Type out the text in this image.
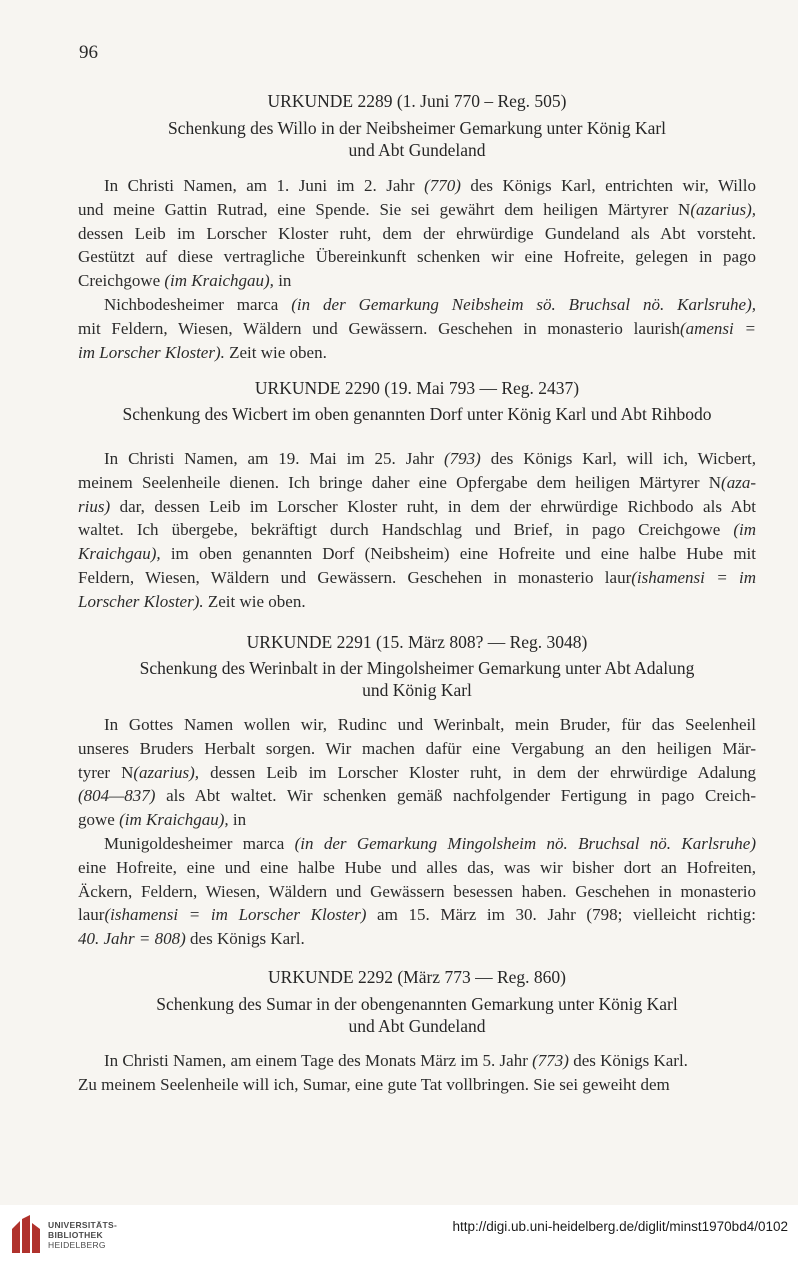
96
URKUNDE 2289 (1. Juni 770 – Reg. 505)
Schenkung des Willo in der Neibsheimer Gemarkung unter König Karl
und Abt Gundeland
In Christi Namen, am 1. Juni im 2. Jahr (770) des Königs Karl, entrichten wir, Willo
und meine Gattin Rutrad, eine Spende. Sie sei gewährt dem heiligen Märtyrer N(azarius),
dessen Leib im Lorscher Kloster ruht, dem der ehrwürdige Gundeland als Abt vorsteht.
Gestützt auf diese vertragliche Übereinkunft schenken wir eine Hofreite, gelegen in pago
Creichgowe (im Kraichgau), in
Nichbodesheimer marca (in der Gemarkung Neibsheim sö. Bruchsal nö. Karlsruhe),
mit Feldern, Wiesen, Wäldern und Gewässern. Geschehen in monasterio laurish(amensi =
im Lorscher Kloster). Zeit wie oben.
URKUNDE 2290 (19. Mai 793 — Reg. 2437)
Schenkung des Wicbert im oben genannten Dorf unter König Karl und Abt Rihbodo
In Christi Namen, am 19. Mai im 25. Jahr (793) des Königs Karl, will ich, Wicbert,
meinem Seelenheile dienen. Ich bringe daher eine Opfergabe dem heiligen Märtyrer N(aza-
rius) dar, dessen Leib im Lorscher Kloster ruht, in dem der ehrwürdige Richbodo als Abt
waltet. Ich übergebe, bekräftigt durch Handschlag und Brief, in pago Creichgowe (im
Kraichgau), im oben genannten Dorf (Neibsheim) eine Hofreite und eine halbe Hube mit
Feldern, Wiesen, Wäldern und Gewässern. Geschehen in monasterio laur(ishamensi = im
Lorscher Kloster). Zeit wie oben.
URKUNDE 2291 (15. März 808? — Reg. 3048)
Schenkung des Werinbalt in der Mingolsheimer Gemarkung unter Abt Adalung
und König Karl
In Gottes Namen wollen wir, Rudinc und Werinbalt, mein Bruder, für das Seelenheil
unseres Bruders Herbalt sorgen. Wir machen dafür eine Vergabung an den heiligen Mär-
tyrer N(azarius), dessen Leib im Lorscher Kloster ruht, in dem der ehrwürdige Adalung
(804—837) als Abt waltet. Wir schenken gemäß nachfolgender Fertigung in pago Creich-
gowe (im Kraichgau), in
Munigoldesheimer marca (in der Gemarkung Mingolsheim nö. Bruchsal nö. Karlsruhe)
eine Hofreite, eine und eine halbe Hube und alles das, was wir bisher dort an Hofreiten,
Äckern, Feldern, Wiesen, Wäldern und Gewässern besessen haben. Geschehen in monasterio
laur(ishamensi = im Lorscher Kloster) am 15. März im 30. Jahr (798; vielleicht richtig:
40. Jahr = 808) des Königs Karl.
URKUNDE 2292 (März 773 — Reg. 860)
Schenkung des Sumar in der obengenannten Gemarkung unter König Karl
und Abt Gundeland
In Christi Namen, am einem Tage des Monats März im 5. Jahr (773) des Königs Karl.
Zu meinem Seelenheile will ich, Sumar, eine gute Tat vollbringen. Sie sei geweiht dem
UNIVERSITÄTS-
BIBLIOTHEK
HEIDELBERG
http://digi.ub.uni-heidelberg.de/diglit/minst1970bd4/0102
